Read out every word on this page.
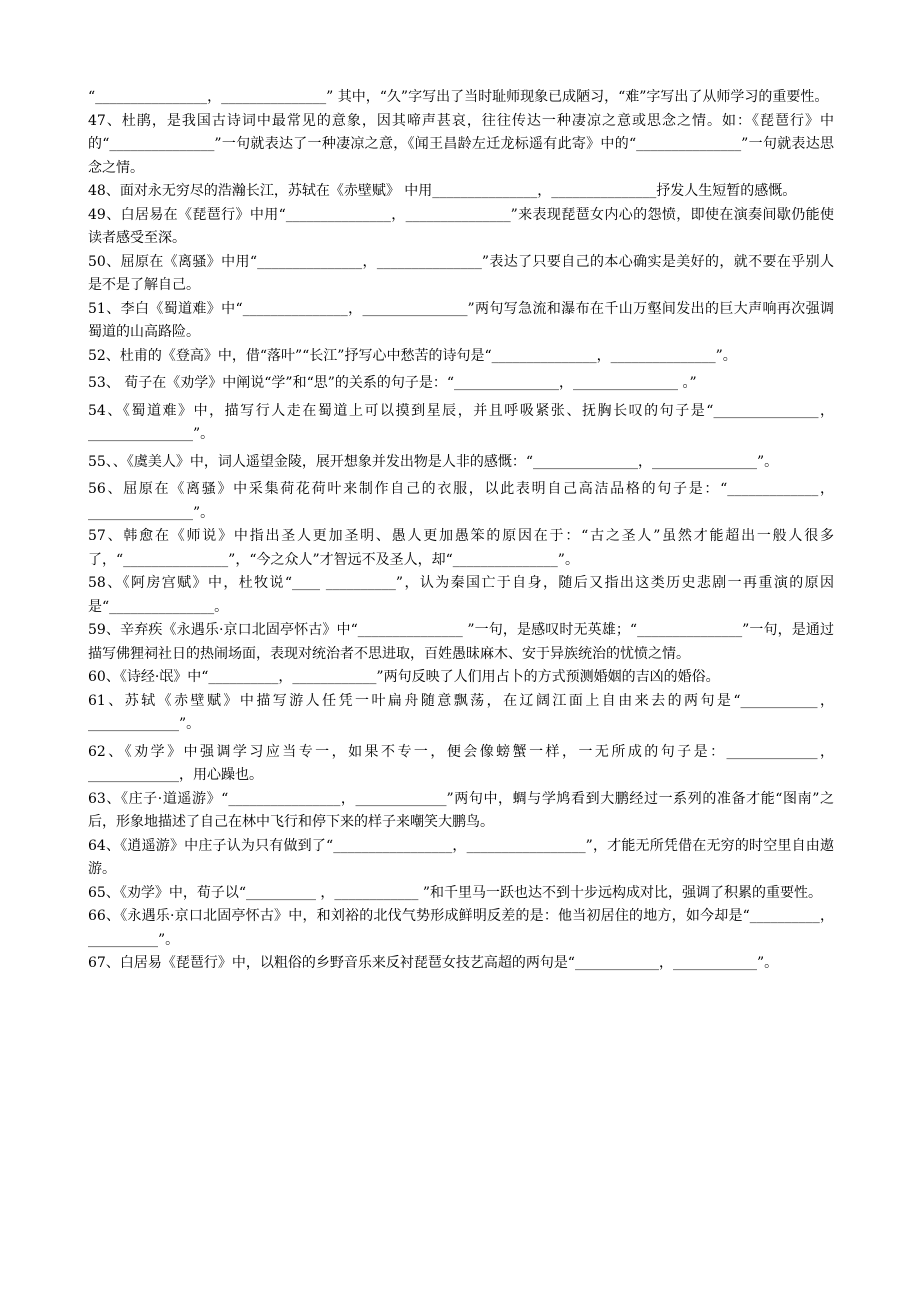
“________________，_______________” 其中，“久”字写出了当时耻师现象已成陋习，“难”字写出了从师学习的重要性。

47、杜鹃，是我国古诗词中最常见的意象，因其啼声甚哀，往往传达一种凄凉之意或思念之情。如：《琵琶行》中的“_______________”一句就表达了一种凄凉之意，《闻王昌龄左迁龙标遥有此寄》中的“_______________”一句就表达思念之情。

48、面对永无穷尽的浩瀚长江，苏轼在《赤壁赋》 中用_______________，_______________抒发人生短暂的感慨。

49、白居易在《琵琶行》中用“_______________，_______________”来表现琵琶女内心的怨愤，即使在演奏间歇仍能使读者感受至深。

50、屈原在《离骚》中用“_______________，_______________”表达了只要自己的本心确实是美好的，就不要在乎别人是不是了解自己。

51、李白《蜀道难》中“_______________，_______________”两句写急流和瀑布在千山万壑间发出的巨大声响再次强调蜀道的山高路险。

52、杜甫的《登高》中，借“落叶”“长江”抒写心中愁苦的诗句是“_______________，_______________”。

53、 荀子在《劝学》中阐说“学”和“思”的关系的句子是：“_______________，_______________ 。”

54、《蜀道难》中，描写行人走在蜀道上可以摸到星辰，并且呼吸紧张、抚胸长叹的句子是“_______________，_______________”。

55、、《虞美人》中，词人遥望金陵，展开想象并发出物是人非的感慨：“_______________，_______________”。

56、屈原在《离骚》中采集荷花荷叶来制作自己的衣服，以此表明自己高洁品格的句子是：“_____________，_______________”。

57、韩愈在《师说》中指出圣人更加圣明、愚人更加愚笨的原因在于：“古之圣人”虽然才能超出一般人很多了，“_______________”，“今之众人”才智远不及圣人，却“_______________”。

58、《阿房宫赋》中，杜牧说“____ __________”，认为秦国亡于自身，随后又指出这类历史悲剧一再重演的原因是“_______________。

59、辛弃疾《永遇乐·京口北固亭怀古》中“_______________ ”一句，是感叹时无英雄；“_______________”一句，是通过描写佛狸祠社日的热闹场面，表现对统治者不思进取，百姓愚昧麻木、安于异族统治的忧愤之情。

60、《诗经·氓》中“__________，____________”两句反映了人们用占卜的方式预测婚姻的吉凶的婚俗。

61、苏轼《赤壁赋》中描写游人任凭一叶扁舟随意飘荡，在辽阔江面上自由来去的两句是“___________，_____________”。

62、《劝学》中强调学习应当专一，如果不专一，便会像螃蟹一样，一无所成的句子是：_____________，_____________，用心躁也。

63、《庄子·道遥游》“________________，_____________”两句中，蜩与学鸠看到大鹏经过一系列的准备才能“图南”之后，形象地描述了自己在林中飞行和停下来的样子来嘲笑大鹏鸟。

64、《逍遥游》中庄子认为只有做到了“_________________，_________________”，才能无所凭借在无穷的时空里自由遨游。

65、《劝学》中，荀子以“__________ ，____________ ”和千里马一跃也达不到十步远构成对比，强调了积累的重要性。

66、《永遇乐·京口北固亭怀古》中，和刘裕的北伐气势形成鲜明反差的是：他当初居住的地方，如今却是“__________，__________”。

67、白居易《琵琶行》中，以粗俗的乡野音乐来反衬琵琶女技艺高超的两句是“____________，____________”。
